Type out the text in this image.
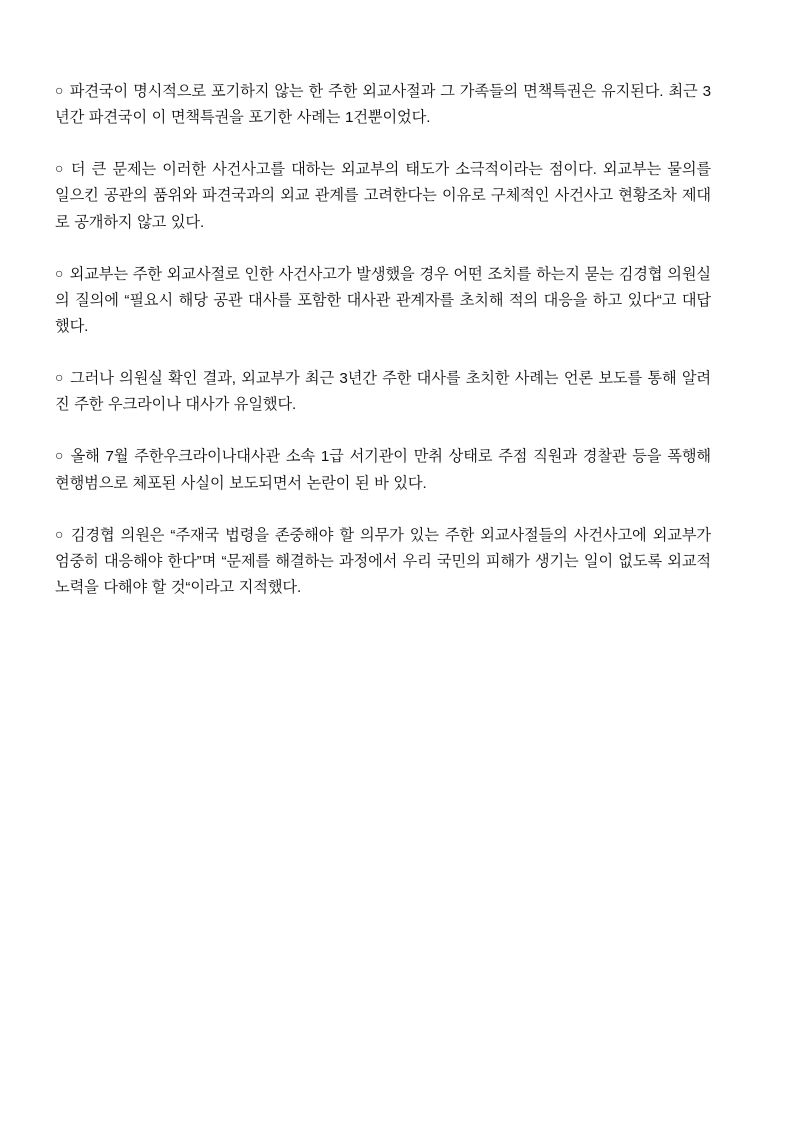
○ 파견국이 명시적으로 포기하지 않는 한 주한 외교사절과 그 가족들의 면책특권은 유지된다. 최근 3년간 파견국이 이 면책특권을 포기한 사례는 1건뿐이었다.

○ 더 큰 문제는 이러한 사건사고를 대하는 외교부의 태도가 소극적이라는 점이다. 외교부는 물의를 일으킨 공관의 품위와 파견국과의 외교 관계를 고려한다는 이유로 구체적인 사건사고 현황조차 제대로 공개하지 않고 있다.

○ 외교부는 주한 외교사절로 인한 사건사고가 발생했을 경우 어떤 조치를 하는지 묻는 김경협 의원실의 질의에 “필요시 해당 공관 대사를 포함한 대사관 관계자를 초치해 적의 대응을 하고 있다“고 대답했다.

○ 그러나 의원실 확인 결과, 외교부가 최근 3년간 주한 대사를 초치한 사례는 언론 보도를 통해 알려진 주한 우크라이나 대사가 유일했다.

○ 올해 7월 주한우크라이나대사관 소속 1급 서기관이 만취 상태로 주점 직원과 경찰관 등을 폭행해 현행범으로 체포된 사실이 보도되면서 논란이 된 바 있다.

○ 김경협 의원은 “주재국 법령을 존중해야 할 의무가 있는 주한 외교사절들의 사건사고에 외교부가 엄중히 대응해야 한다”며 “문제를 해결하는 과정에서 우리 국민의 피해가 생기는 일이 없도록 외교적 노력을 다해야 할 것“이라고 지적했다.
